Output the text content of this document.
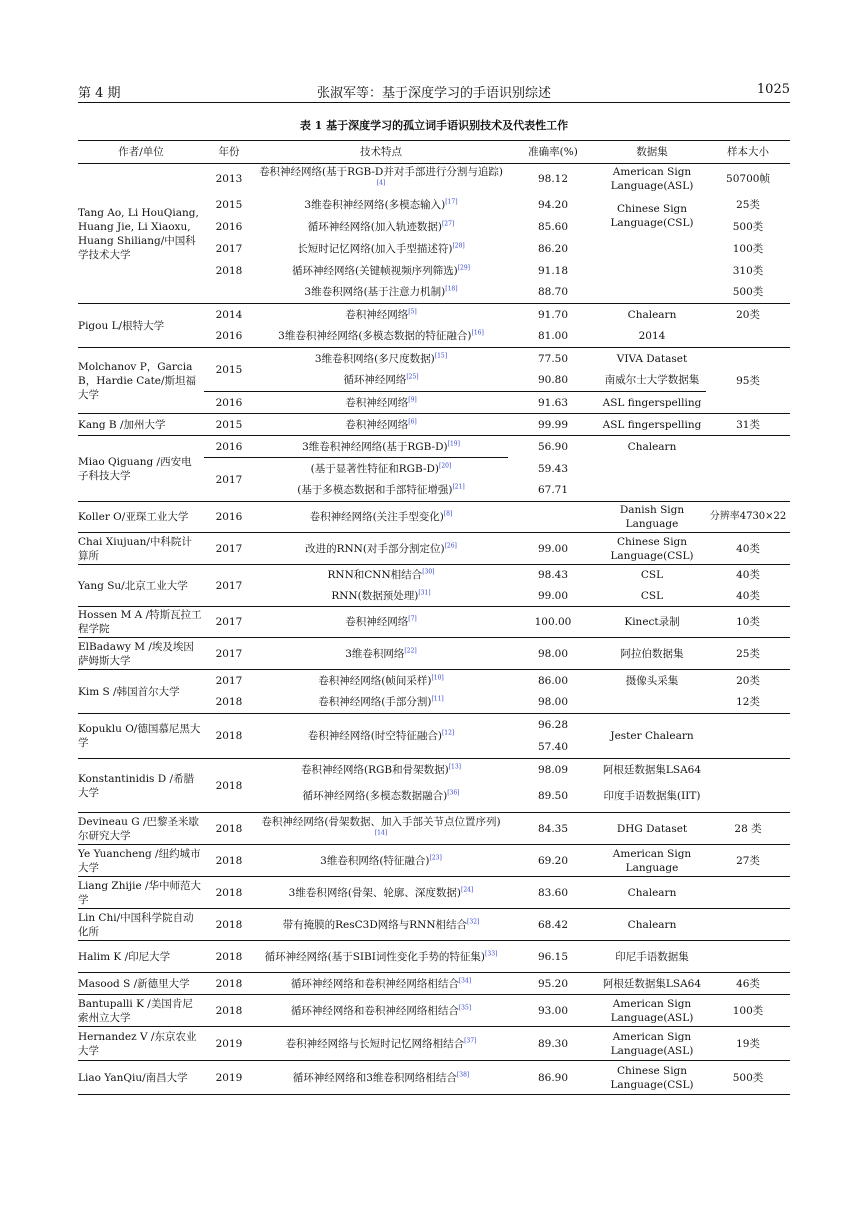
第 4 期	张淑军等：基于深度学习的手语识别综述	1025
表 1 基于深度学习的孤立词手语识别技术及代表性工作
作者/单位	年份	技术特点	准确率(%)	数据集	样本大小
Tang Ao, Li HouQiang, Huang Jie, Li Xiaoxu, Huang Shiliang/中国科学技术大学	2013	卷积神经网络(基于RGB-D并对手部进行分割与追踪)[4]	98.12	American Sign Language(ASL)	50700帧
	2015	3维卷积神经网络(多模态输入)[17]	94.20	Chinese Sign Language(CSL)	25类
	2016	循环神经网络(加入轨迹数据)[27]	85.60		500类
	2017	长短时记忆网络(加入手型描述符)[28]	86.20		100类
	2018	循环神经网络(关键帧视频序列筛选)[29]	91.18		310类
		3维卷积网络(基于注意力机制)[18]	88.70		500类
Pigou L/根特大学	2014	卷积神经网络[5]	91.70	Chalearn	20类
	2016	3维卷积神经网络(多模态数据的特征融合)[16]	81.00	2014	
Molchanov P，Garcia B，Hardie Cate/斯坦福大学	2015	3维卷积网络(多尺度数据)[15]	77.50	VIVA Dataset	95类
		循环神经网络[25]	90.80	南威尔士大学数据集	
	2016	卷积神经网络[9]	91.63	ASL fingerspelling	
Kang B /加州大学	2015	卷积神经网络[6]	99.99	ASL fingerspelling	31类
Miao Qiguang /西安电子科技大学	2016	3维卷积神经网络(基于RGB-D)[19]	56.90	Chalearn	
	2017	(基于显著性特征和RGB-D)[20]	59.43		
		(基于多模态数据和手部特征增强)[21]	67.71		
Koller O/亚琛工业大学	2016	卷积神经网络(关注手型变化)[8]		Danish Sign Language	分辨率4730×22
Chai Xiujuan/中科院计算所	2017	改进的RNN(对手部分割定位)[26]	99.00	Chinese Sign Language(CSL)	40类
Yang Su/北京工业大学	2017	RNN和CNN相结合[30]	98.43	CSL	40类
		RNN(数据预处理)[31]	99.00	CSL	40类
Hossen M A /特斯瓦拉工程学院	2017	卷积神经网络[7]	100.00	Kinect录制	10类
ElBadawy M /埃及埃因萨姆斯大学	2017	3维卷积网络[22]	98.00	阿拉伯数据集	25类
Kim S /韩国首尔大学	2017	卷积神经网络(帧间采样)[10]	86.00	摄像头采集	20类
	2018	卷积神经网络(手部分割)[11]	98.00		12类
Kopuklu O/德国慕尼黑大学	2018	卷积神经网络(时空特征融合)[12]	96.28	Jester Chalearn	
			57.40		
Konstantinidis D /希腊大学	2018	卷积神经网络(RGB和骨架数据)[13]	98.09	阿根廷数据集LSA64	
		循环神经网络(多模态数据融合)[36]	89.50	印度手语数据集(IIT)	
Devineau G /巴黎圣米歇尔研究大学	2018	卷积神经网络(骨架数据、加入手部关节点位置序列)[14]	84.35	DHG Dataset	28 类
Ye Yuancheng /纽约城市大学	2018	3维卷积网络(特征融合)[23]	69.20	American Sign Language	27类
Liang Zhijie /华中师范大学	2018	3维卷积网络(骨架、轮廓、深度数据)[24]	83.60	Chalearn	
Lin Chi/中国科学院自动化所	2018	带有掩膜的ResC3D网络与RNN相结合[32]	68.42	Chalearn	
Halim K /印尼大学	2018	循环神经网络(基于SIBI词性变化手势的特征集)[33]	96.15	印尼手语数据集	
Masood S /新德里大学	2018	循环神经网络和卷积神经网络相结合[34]	95.20	阿根廷数据集LSA64	46类
Bantupalli K /美国肯尼索州立大学	2018	循环神经网络和卷积神经网络相结合[35]	93.00	American Sign Language(ASL)	100类
Hernandez V /东京农业大学	2019	卷积神经网络与长短时记忆网络相结合[37]	89.30	American Sign Language(ASL)	19类
Liao YanQiu/南昌大学	2019	循环神经网络和3维卷积网络相结合[38]	86.90	Chinese Sign Language(CSL)	500类
